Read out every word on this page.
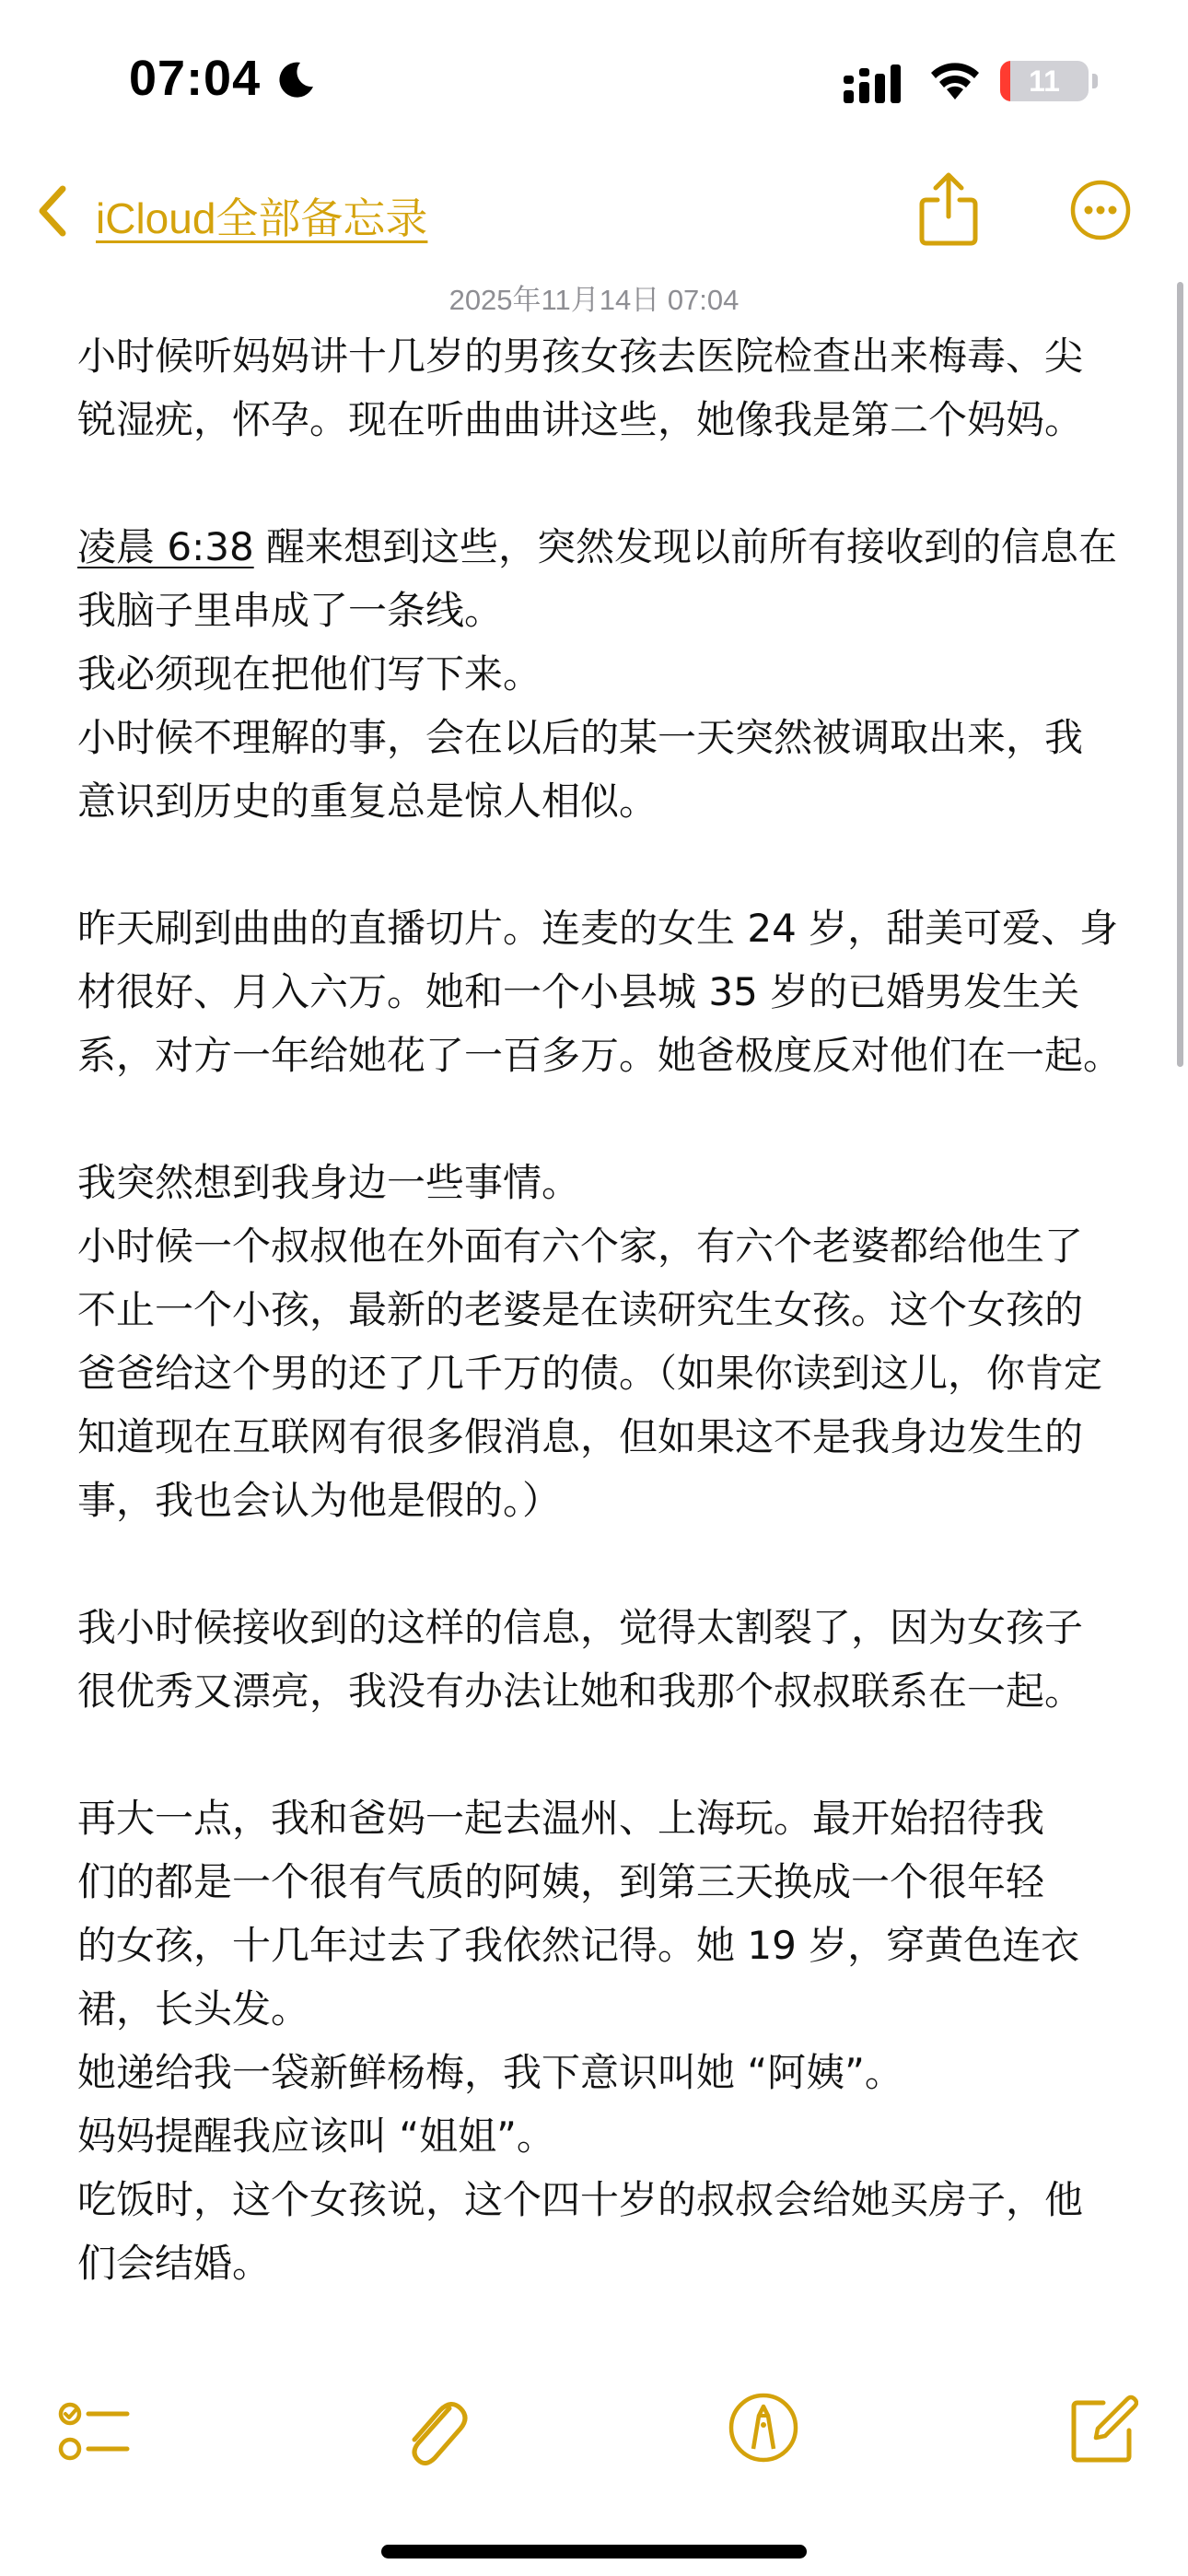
07:04	11
iCloud全部备忘录
2025年11月14日 07:04
小时候听妈妈讲十几岁的男孩女孩去医院检查出来梅毒、尖
锐湿疣，怀孕。现在听曲曲讲这些，她像我是第二个妈妈。
凌晨 6:38 醒来想到这些，突然发现以前所有接收到的信息在
我脑子里串成了一条线。
我必须现在把他们写下来。
小时候不理解的事，会在以后的某一天突然被调取出来，我
意识到历史的重复总是惊人相似。
昨天刷到曲曲的直播切片。连麦的女生 24 岁，甜美可爱、身
材很好、月入六万。她和一个小县城 35 岁的已婚男发生关
系，对方一年给她花了一百多万。她爸极度反对他们在一起。
我突然想到我身边一些事情。
小时候一个叔叔他在外面有六个家，有六个老婆都给他生了
不止一个小孩，最新的老婆是在读研究生女孩。这个女孩的
爸爸给这个男的还了几千万的债。（如果你读到这儿，你肯定
知道现在互联网有很多假消息，但如果这不是我身边发生的
事，我也会认为他是假的。）
我小时候接收到的这样的信息，觉得太割裂了，因为女孩子
很优秀又漂亮，我没有办法让她和我那个叔叔联系在一起。
再大一点，我和爸妈一起去温州、上海玩。最开始招待我
们的都是一个很有气质的阿姨，到第三天换成一个很年轻
的女孩，十几年过去了我依然记得。她 19 岁，穿黄色连衣
裙，长头发。
她递给我一袋新鲜杨梅，我下意识叫她 “阿姨”。
妈妈提醒我应该叫 “姐姐”。
吃饭时，这个女孩说，这个四十岁的叔叔会给她买房子，他
们会结婚。
